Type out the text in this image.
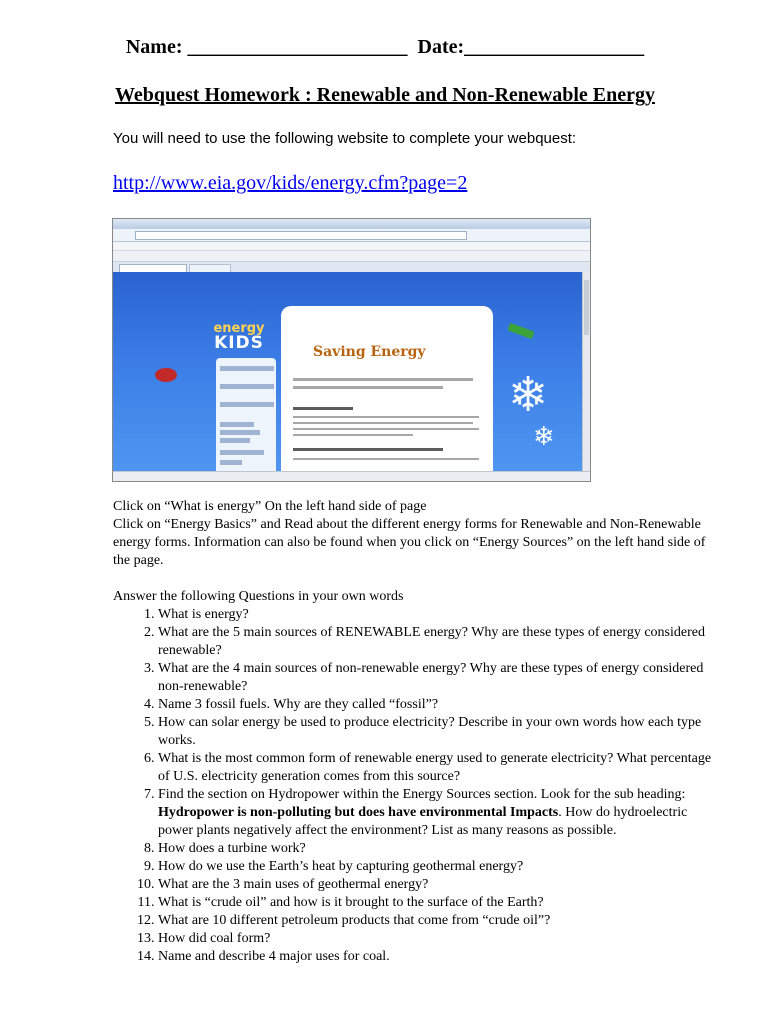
Name: ______________________  Date:__________________
Webquest Homework : Renewable and Non-Renewable Energy
You will need to use the following website to complete your webquest:
http://www.eia.gov/kids/energy.cfm?page=2
❄
❄
energy
KIDS	Saving Energy

Click on “What is energy” On the left hand side of page

Click on “Energy Basics” and Read about the different energy forms for Renewable and Non-Renewable energy forms. Information can also be found when you click on “Energy Sources” on the left hand side of the page.

Answer the following Questions in your own words

1. What is energy?
2. What are the 5 main sources of RENEWABLE energy? Why are these types of energy considered renewable?
3. What are the 4 main sources of non-renewable energy? Why are these types of energy considered non-renewable?
4. Name 3 fossil fuels. Why are they called “fossil”?
5. How can solar energy be used to produce electricity? Describe in your own words how each type works.
6. What is the most common form of renewable energy used to generate electricity? What percentage of U.S. electricity generation comes from this source?
7. Find the section on Hydropower within the Energy Sources section. Look for the sub heading: Hydropower is non-polluting but does have environmental Impacts. How do hydroelectric power plants negatively affect the environment? List as many reasons as possible.
8. How does a turbine work?
9. How do we use the Earth’s heat by capturing geothermal energy?
10. What are the 3 main uses of geothermal energy?
11. What is “crude oil” and how is it brought to the surface of the Earth?
12. What are 10 different petroleum products that come from “crude oil”?
13. How did coal form?
14. Name and describe 4 major uses for coal.
